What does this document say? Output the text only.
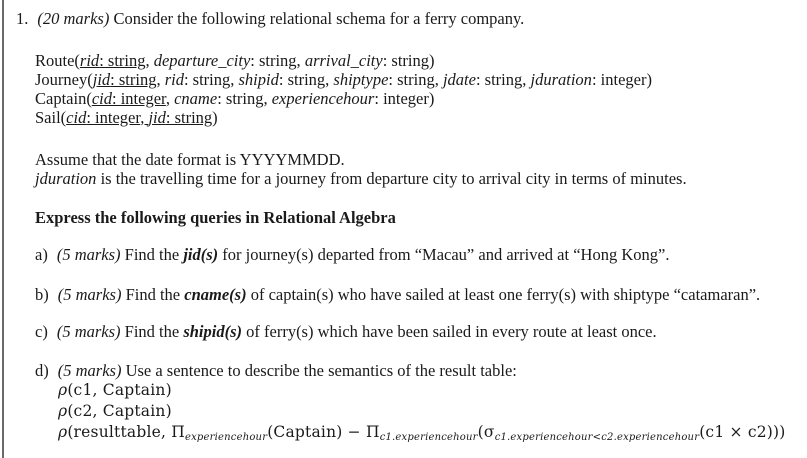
1. (20 marks) Consider the following relational schema for a ferry company.
Route(rid: string, departure_city: string, arrival_city: string)
Journey(jid: string, rid: string, shipid: string, shiptype: string, jdate: string, jduration: integer)
Captain(cid: integer, cname: string, experiencehour: integer)
Sail(cid: integer, jid: string)
Assume that the date format is YYYYMMDD.
jduration is the travelling time for a journey from departure city to arrival city in terms of minutes.
Express the following queries in Relational Algebra
a) (5 marks) Find the jid(s) for journey(s) departed from “Macau” and arrived at “Hong Kong”.
b) (5 marks) Find the cname(s) of captain(s) who have sailed at least one ferry(s) with shiptype “catamaran”.
c) (5 marks) Find the shipid(s) of ferry(s) which have been sailed in every route at least once.
d) (5 marks) Use a sentence to describe the semantics of the result table:
ρ(c1, Captain)
ρ(c2, Captain)
ρ(resulttable, $\Pi_{experiencehour}(Captain) - \Pi_{c1.experiencehour}(\sigma_{c1.experiencehour<c2.experiencehour}(c1 \times c2))$)
